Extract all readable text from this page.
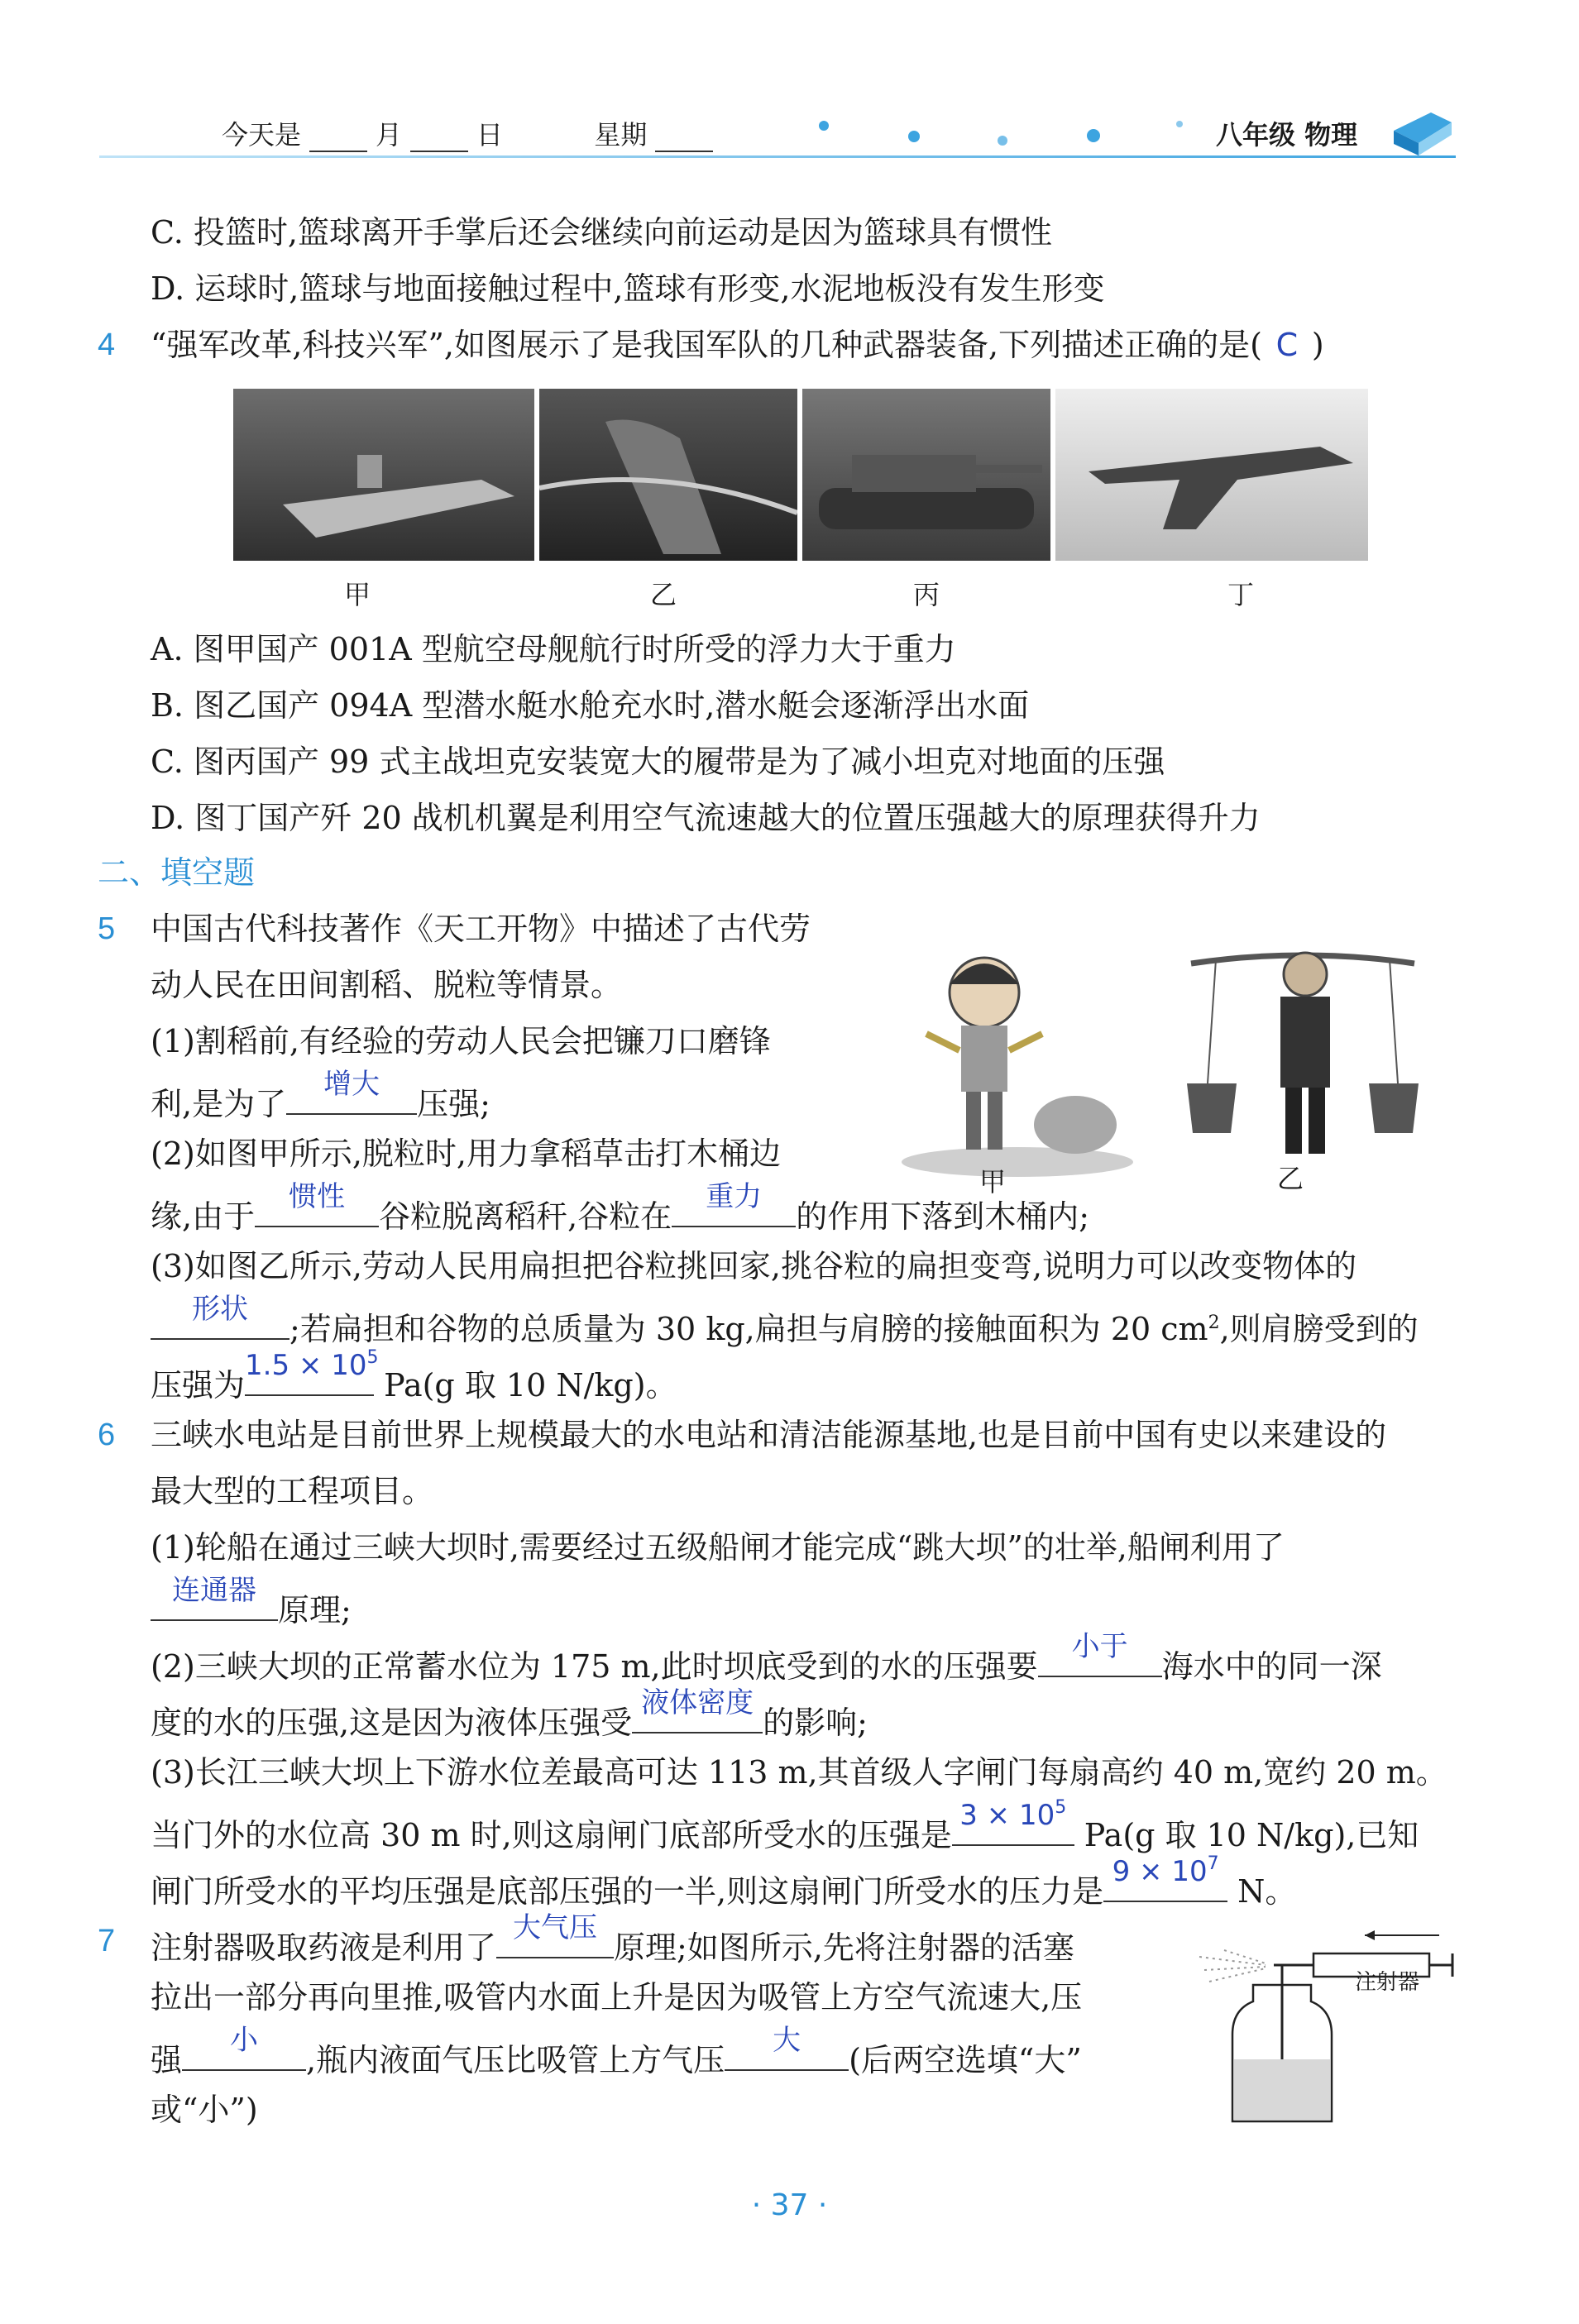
今天是	月	日	星期	八年级 物理
C. 投篮时,篮球离开手掌后还会继续向前运动是因为篮球具有惯性
D. 运球时,篮球与地面接触过程中,篮球有形变,水泥地板没有发生形变
4 “强军改革,科技兴军”,如图展示了是我国军队的几种武器装备,下列描述正确的是( C )
甲	乙	丙	丁
A. 图甲国产 001A 型航空母舰航行时所受的浮力大于重力
B. 图乙国产 094A 型潜水艇水舱充水时,潜水艇会逐渐浮出水面
C. 图丙国产 99 式主战坦克安装宽大的履带是为了减小坦克对地面的压强
D. 图丁国产歼 20 战机机翼是利用空气流速越大的位置压强越大的原理获得升力
二、填空题
5 中国古代科技著作《天工开物》中描述了古代劳
动人民在田间割稻、脱粒等情景。
(1)割稻前,有经验的劳动人民会把镰刀口磨锋
利,是为了
增大
压强;
(2)如图甲所示,脱粒时,用力拿稻草击打木桶边
缘,由于
惯性
谷粒脱离稻秆,谷粒在
重力
的作用下落到木桶内;
甲	乙
(3)如图乙所示,劳动人民用扁担把谷粒挑回家,挑谷粒的扁担变弯,说明力可以改变物体的
形状
;若扁担和谷物的总质量为 30 kg,扁担与肩膀的接触面积为 20 $cm^2$,则肩膀受到的
压强为
$1.5 \times 10^5$
Pa(g 取 10 N/kg)。
6 三峡水电站是目前世界上规模最大的水电站和清洁能源基地,也是目前中国有史以来建设的
最大型的工程项目。
(1)轮船在通过三峡大坝时,需要经过五级船闸才能完成“跳大坝”的壮举,船闸利用了
连通器
原理;
(2)三峡大坝的正常蓄水位为 175 m,此时坝底受到的水的压强要
小于
海水中的同一深
度的水的压强,这是因为液体压强受
液体密度
的影响;
(3)长江三峡大坝上下游水位差最高可达 113 m,其首级人字闸门每扇高约 40 m,宽约 20 m。
当门外的水位高 30 m 时,则这扇闸门底部所受水的压强是
$3 \times 10^5$
Pa(g 取 10 N/kg),已知
闸门所受水的平均压强是底部压强的一半,则这扇闸门所受水的压力是
$9 \times 10^7$
N。
7 注射器吸取药液是利用了
大气压
原理;如图所示,先将注射器的活塞
拉出一部分再向里推,吸管内水面上升是因为吸管上方空气流速大,压
强
小
,瓶内液面气压比吸管上方气压
大
(后两空选填“大”
或“小”)
注射器
· 37 ·
